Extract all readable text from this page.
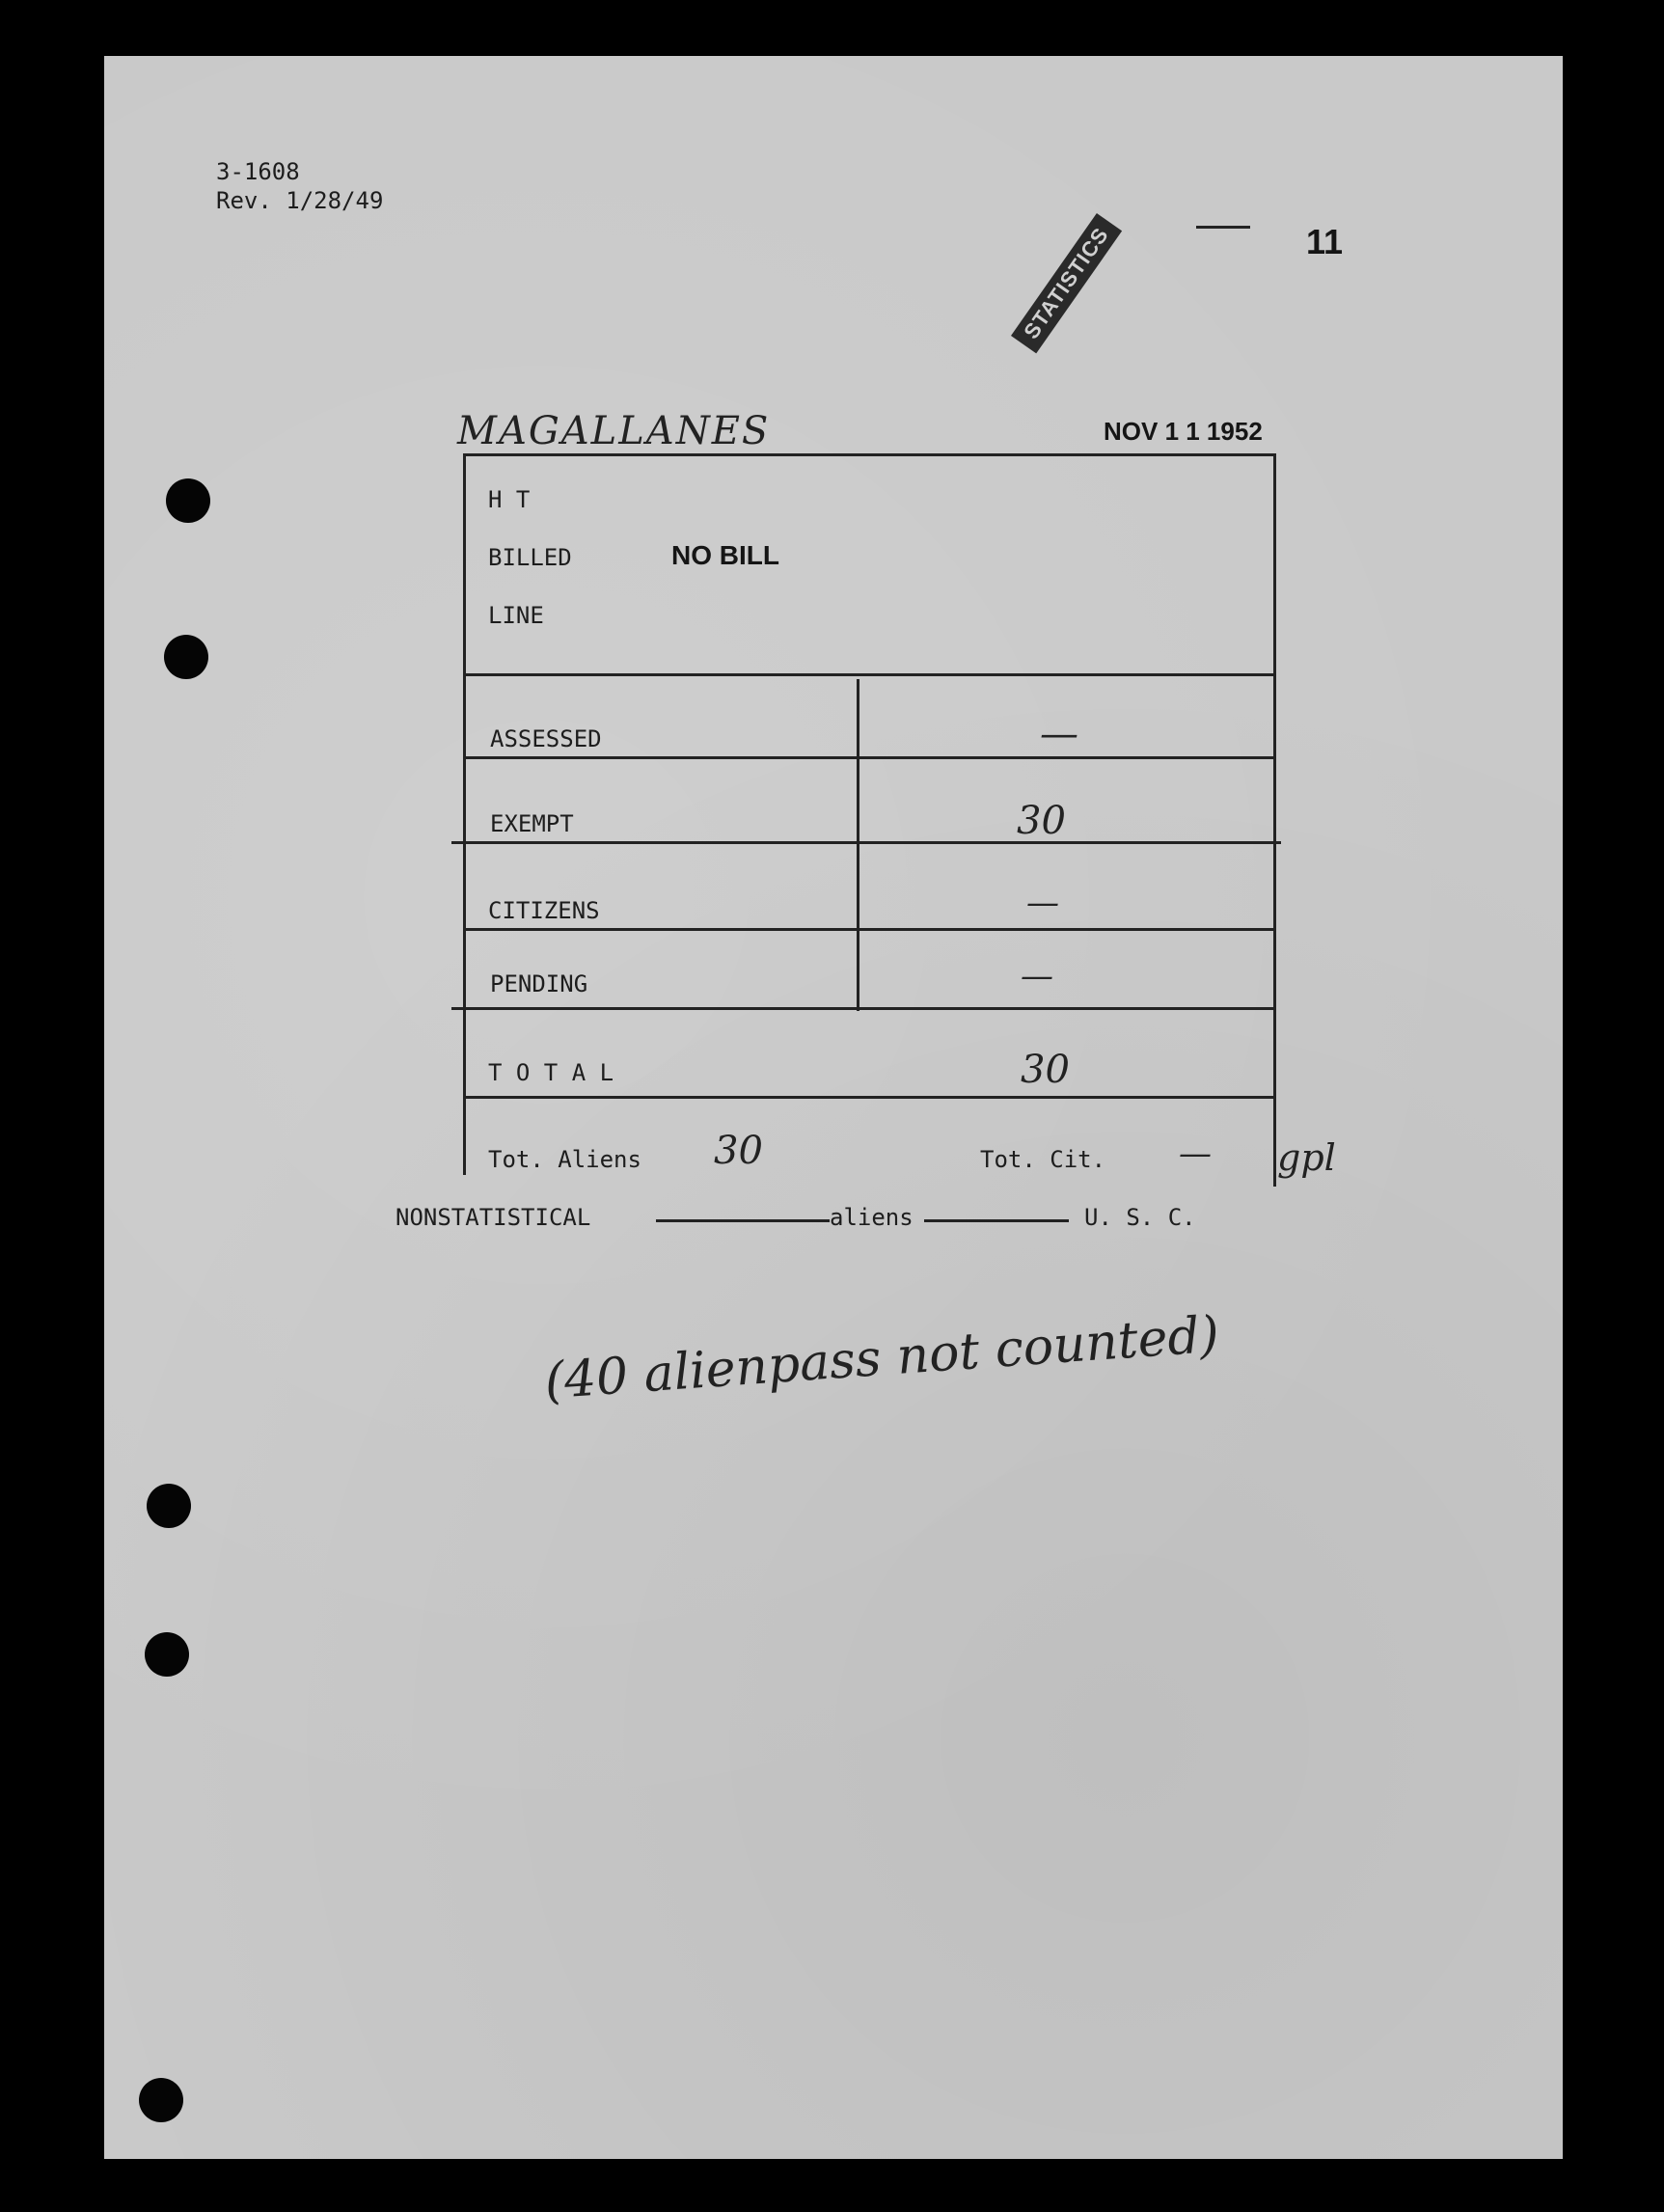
3-1608
Rev. 1/28/49
11
STATISTICS
MAGALLANES	NOV 1 1 1952
H T
BILLED	NO BILL
LINE
ASSESSED	—
EXEMPT	30
CITIZENS	—
PENDING	—
T O T A L	30
Tot. Aliens 30	Tot. Cit. — gpl
NONSTATISTICAL	aliens	U. S. C.
(40 alienpass not counted)
